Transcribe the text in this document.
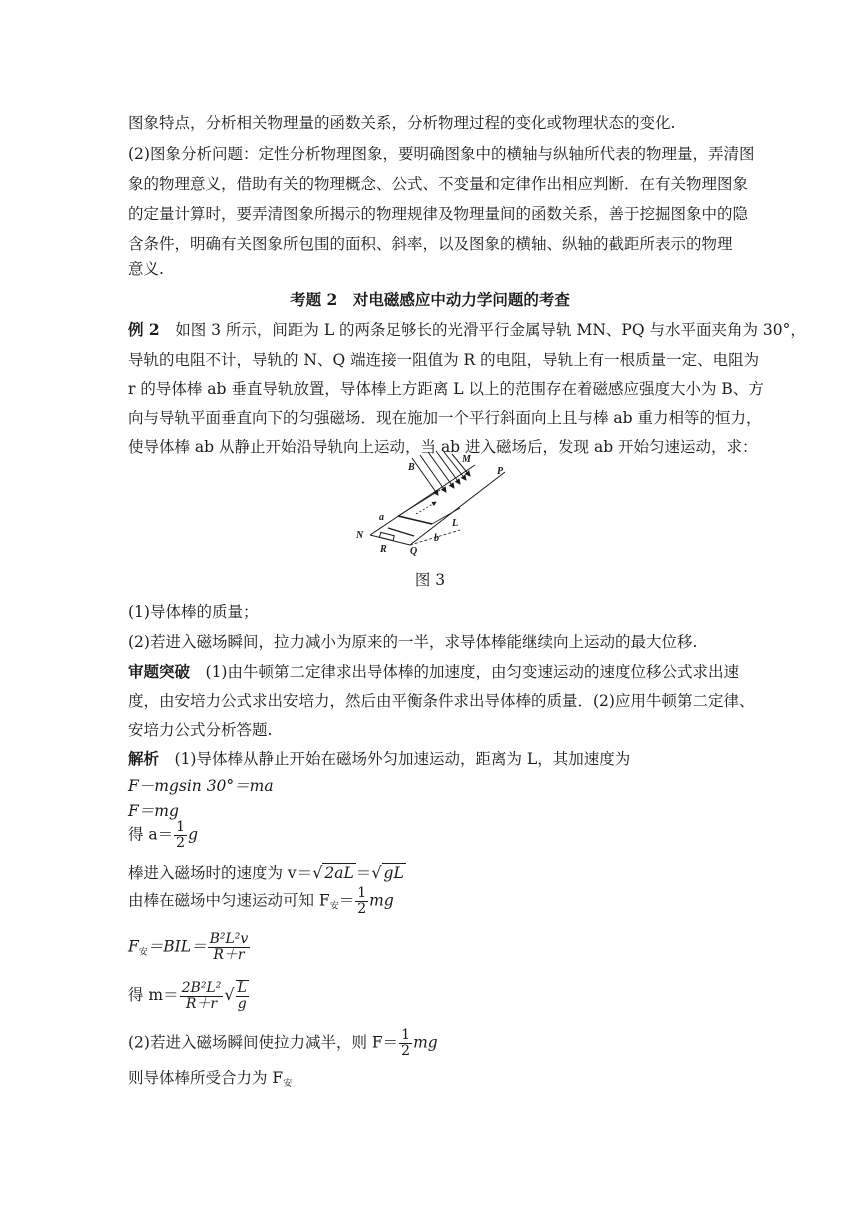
图象特点，分析相关物理量的函数关系，分析物理过程的变化或物理状态的变化.
(2)图象分析问题：定性分析物理图象，要明确图象中的横轴与纵轴所代表的物理量，弄清图
象的物理意义，借助有关的物理概念、公式、不变量和定律作出相应判断．在有关物理图象
的定量计算时，要弄清图象所揭示的物理规律及物理量间的函数关系，善于挖掘图象中的隐
含条件，明确有关图象所包围的面积、斜率，以及图象的横轴、纵轴的截距所表示的物理
意义.
考题 2　对电磁感应中动力学问题的考查
例 2　如图 3 所示，间距为 L 的两条足够长的光滑平行金属导轨 MN、PQ 与水平面夹角为 30°，
导轨的电阻不计，导轨的 N、Q 端连接一阻值为 R 的电阻，导轨上有一根质量一定、电阻为
r 的导体棒 ab 垂直导轨放置，导体棒上方距离 L 以上的范围存在着磁感应强度大小为 B、方
向与导轨平面垂直向下的匀强磁场．现在施加一个平行斜面向上且与棒 ab 重力相等的恒力，
使导体棒 ab 从静止开始沿导轨向上运动，当 ab 进入磁场后，发现 ab 开始匀速运动，求：
B
M
P
a
L
b
N
R Q
图 3
(1)导体棒的质量；
(2)若进入磁场瞬间，拉力减小为原来的一半，求导体棒能继续向上运动的最大位移.
审题突破　(1)由牛顿第二定律求出导体棒的加速度，由匀变速运动的速度位移公式求出速
度，由安培力公式求出安培力，然后由平衡条件求出导体棒的质量．(2)应用牛顿第二定律、
安培力公式分析答题.
解析　(1)导体棒从静止开始在磁场外匀加速运动，距离为 L，其加速度为
F－mgsin 30°＝ma
F＝mg
得 $a= \frac{1}{2}$ g
棒进入磁场时的速度为 v＝√ 2aL ＝√ gL
由棒在磁场中匀速运动可知 $F_安= \frac{1}{2}$ mg
$F_安=BIL= \frac{\text{B²L²v}}{R+r}$
得 $m= \frac{\text{2B²L²}}{R+r}$ √ $\frac{L}{g}$
(2)若进入磁场瞬间使拉力减半，则 $F= \frac{1}{2}$ mg
则导体棒所受合力为 $F_安$
